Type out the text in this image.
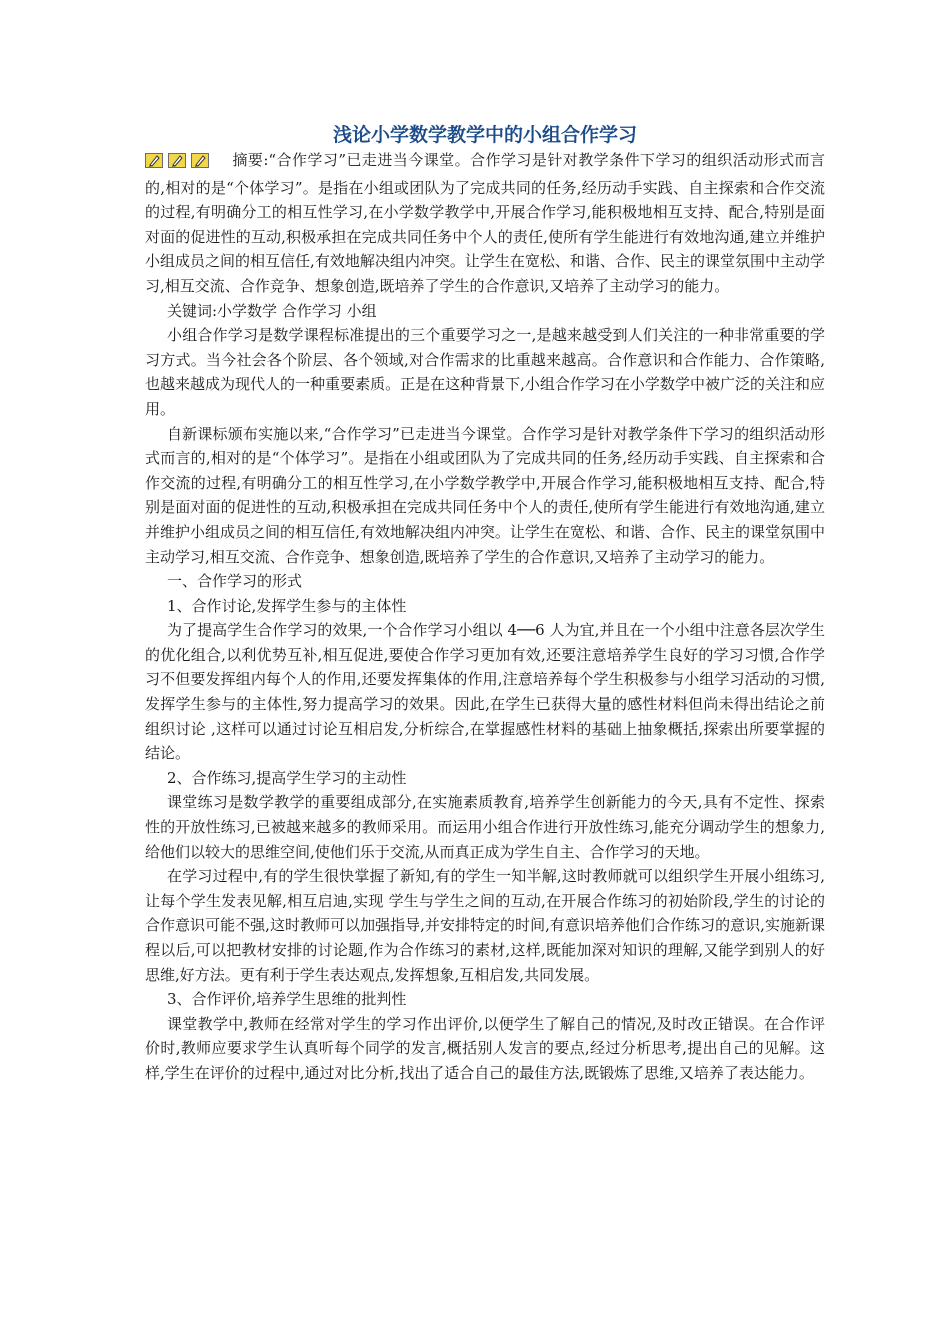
浅论小学数学教学中的小组合作学习

摘要:“合作学习”已走进当今课堂。合作学习是针对教学条件下学习的组织活动形式而言的,相对的是“个体学习”。是指在小组或团队为了完成共同的任务,经历动手实践、自主探索和合作交流的过程,有明确分工的相互性学习,在小学数学教学中,开展合作学习,能积极地相互支持、配合,特别是面对面的促进性的互动,积极承担在完成共同任务中个人的责任,使所有学生能进行有效地沟通,建立并维护小组成员之间的相互信任,有效地解决组内冲突。让学生在宽松、和谐、合作、民主的课堂氛围中主动学习,相互交流、合作竞争、想象创造,既培养了学生的合作意识,又培养了主动学习的能力。

关键词:小学数学 合作学习 小组

小组合作学习是数学课程标准提出的三个重要学习之一,是越来越受到人们关注的一种非常重要的学习方式。当今社会各个阶层、各个领域,对合作需求的比重越来越高。合作意识和合作能力、合作策略,也越来越成为现代人的一种重要素质。正是在这种背景下,小组合作学习在小学数学中被广泛的关注和应用。

自新课标颁布实施以来,“合作学习”已走进当今课堂。合作学习是针对教学条件下学习的组织活动形式而言的,相对的是“个体学习”。是指在小组或团队为了完成共同的任务,经历动手实践、自主探索和合作交流的过程,有明确分工的相互性学习,在小学数学教学中,开展合作学习,能积极地相互支持、配合,特别是面对面的促进性的互动,积极承担在完成共同任务中个人的责任,使所有学生能进行有效地沟通,建立并维护小组成员之间的相互信任,有效地解决组内冲突。让学生在宽松、和谐、合作、民主的课堂氛围中主动学习,相互交流、合作竞争、想象创造,既培养了学生的合作意识,又培养了主动学习的能力。

一、合作学习的形式

1、合作讨论,发挥学生参与的主体性

为了提高学生合作学习的效果,一个合作学习小组以 4──6 人为宜,并且在一个小组中注意各层次学生的优化组合,以利优势互补,相互促进,要使合作学习更加有效,还要注意培养学生良好的学习习惯,合作学习不但要发挥组内每个人的作用,还要发挥集体的作用,注意培养每个学生积极参与小组学习活动的习惯,发挥学生参与的主体性,努力提高学习的效果。因此,在学生已获得大量的感性材料但尚未得出结论之前组织讨论 ,这样可以通过讨论互相启发,分析综合,在掌握感性材料的基础上抽象概括,探索出所要掌握的结论。

2、合作练习,提高学生学习的主动性

课堂练习是数学教学的重要组成部分,在实施素质教育,培养学生创新能力的今天,具有不定性、探索性的开放性练习,已被越来越多的教师采用。而运用小组合作进行开放性练习,能充分调动学生的想象力,给他们以较大的思维空间,使他们乐于交流,从而真正成为学生自主、合作学习的天地。

在学习过程中,有的学生很快掌握了新知,有的学生一知半解,这时教师就可以组织学生开展小组练习,让每个学生发表见解,相互启迪,实现 学生与学生之间的互动,在开展合作练习的初始阶段,学生的讨论的合作意识可能不强,这时教师可以加强指导,并安排特定的时间,有意识培养他们合作练习的意识,实施新课程以后,可以把教材安排的讨论题,作为合作练习的素材,这样,既能加深对知识的理解,又能学到别人的好思维,好方法。更有利于学生表达观点,发挥想象,互相启发,共同发展。

3、合作评价,培养学生思维的批判性

课堂教学中,教师在经常对学生的学习作出评价,以便学生了解自己的情况,及时改正错误。在合作评价时,教师应要求学生认真听每个同学的发言,概括别人发言的要点,经过分析思考,提出自己的见解。这样,学生在评价的过程中,通过对比分析,找出了适合自己的最佳方法,既锻炼了思维,又培养了表达能力。
